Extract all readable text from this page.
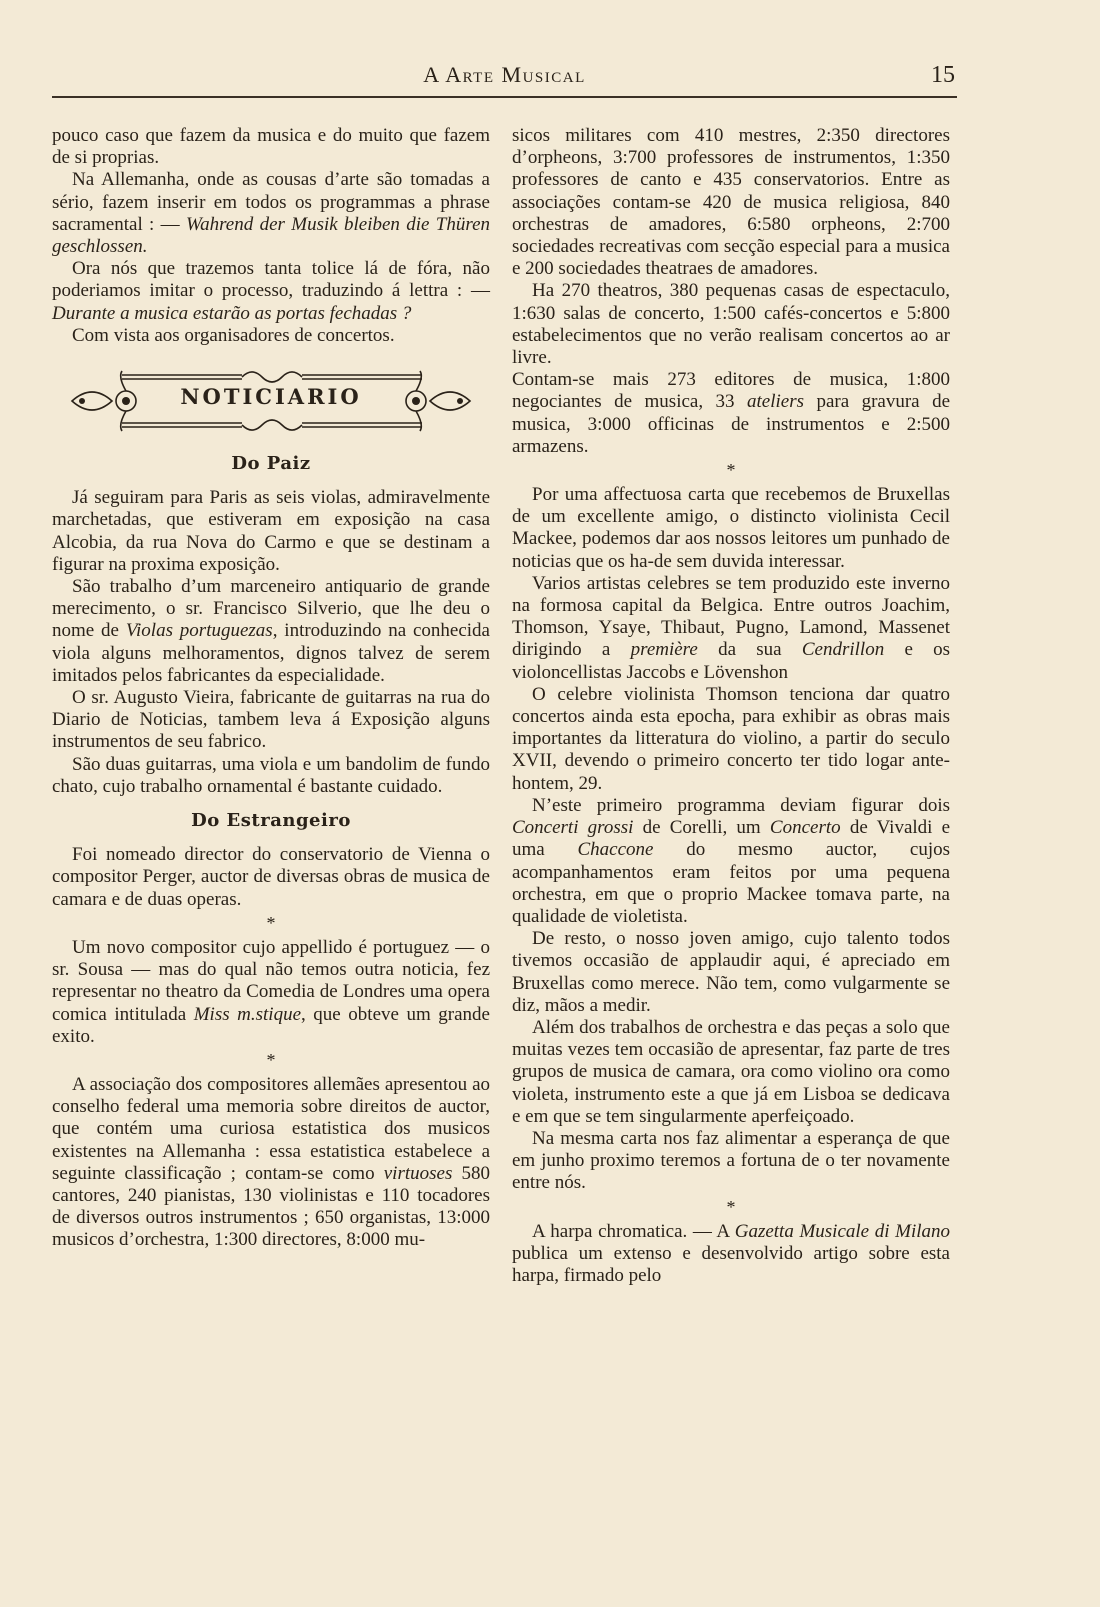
A Arte Musical	15

pouco caso que fazem da musica e do muito que fazem de si proprias.

Na Allemanha, onde as cousas d’arte são tomadas a sério, fazem inserir em todos os programmas a phrase sacramental : — Wahrend der Musik bleiben die Thüren geschlossen.

Ora nós que trazemos tanta tolice lá de fóra, não poderiamos imitar o processo, traduzindo á lettra : — Durante a musica estarão as portas fechadas ?

Com vista aos organisadores de concertos.

NOTICIARIO
Do Paiz

Já seguiram para Paris as seis violas, admiravelmente marchetadas, que estiveram em exposição na casa Alcobia, da rua Nova do Carmo e que se destinam a figurar na proxima exposição.

São trabalho d’um marceneiro antiquario de grande merecimento, o sr. Francisco Silverio, que lhe deu o nome de Violas portuguezas, introduzindo na conhecida viola alguns melhoramentos, dignos talvez de serem imitados pelos fabricantes da especialidade.

O sr. Augusto Vieira, fabricante de guitarras na rua do Diario de Noticias, tambem leva á Exposição alguns instrumentos de seu fabrico.

São duas guitarras, uma viola e um bandolim de fundo chato, cujo trabalho ornamental é bastante cuidado.

Do Estrangeiro

Foi nomeado director do conservatorio de Vienna o compositor Perger, auctor de diversas obras de musica de camara e de duas operas.

*

Um novo compositor cujo appellido é portuguez — o sr. Sousa — mas do qual não temos outra noticia, fez representar no theatro da Comedia de Londres uma opera comica intitulada Miss m.stique, que obteve um grande exito.

*

A associação dos compositores allemães apresentou ao conselho federal uma memoria sobre direitos de auctor, que contém uma curiosa estatistica dos musicos existentes na Allemanha : essa estatistica estabelece a seguinte classificação ; contam-se como virtuoses 580 cantores, 240 pianistas, 130 violinistas e 110 tocadores de diversos outros instrumentos ; 650 organistas, 13:000 musicos d’orchestra, 1:300 directores, 8:000 mu-

sicos militares com 410 mestres, 2:350 directores d’orpheons, 3:700 professores de instrumentos, 1:350 professores de canto e 435 conservatorios. Entre as associações contam-se 420 de musica religiosa, 840 orchestras de amadores, 6:580 orpheons, 2:700 sociedades recreativas com secção especial para a musica e 200 sociedades theatraes de amadores.

Ha 270 theatros, 380 pequenas casas de espectaculo, 1:630 salas de concerto, 1:500 cafés-concertos e 5:800 estabelecimentos que no verão realisam concertos ao ar livre.

Contam-se mais 273 editores de musica, 1:800 negociantes de musica, 33 ateliers para gravura de musica, 3:000 officinas de instrumentos e 2:500 armazens.

*

Por uma affectuosa carta que recebemos de Bruxellas de um excellente amigo, o distincto violinista Cecil Mackee, podemos dar aos nossos leitores um punhado de noticias que os ha-de sem duvida interessar.

Varios artistas celebres se tem produzido este inverno na formosa capital da Belgica. Entre outros Joachim, Thomson, Ysaye, Thibaut, Pugno, Lamond, Massenet dirigindo a première da sua Cendrillon e os violoncellistas Jaccobs e Lövenshon

O celebre violinista Thomson tenciona dar quatro concertos ainda esta epocha, para exhibir as obras mais importantes da litteratura do violino, a partir do seculo XVII, devendo o primeiro concerto ter tido logar ante-hontem, 29.

N’este primeiro programma deviam figurar dois Concerti grossi de Corelli, um Concerto de Vivaldi e uma Chaccone do mesmo auctor, cujos acompanhamentos eram feitos por uma pequena orchestra, em que o proprio Mackee tomava parte, na qualidade de violetista.

De resto, o nosso joven amigo, cujo talento todos tivemos occasião de applaudir aqui, é apreciado em Bruxellas como merece. Não tem, como vulgarmente se diz, mãos a medir.

Além dos trabalhos de orchestra e das peças a solo que muitas vezes tem occasião de apresentar, faz parte de tres grupos de musica de camara, ora como violino ora como violeta, instrumento este a que já em Lisboa se dedicava e em que se tem singularmente aperfeiçoado.

Na mesma carta nos faz alimentar a esperança de que em junho proximo teremos a fortuna de o ter novamente entre nós.

*

A harpa chromatica. — A Gazetta Musicale di Milano publica um extenso e desenvolvido artigo sobre esta harpa, firmado pelo
